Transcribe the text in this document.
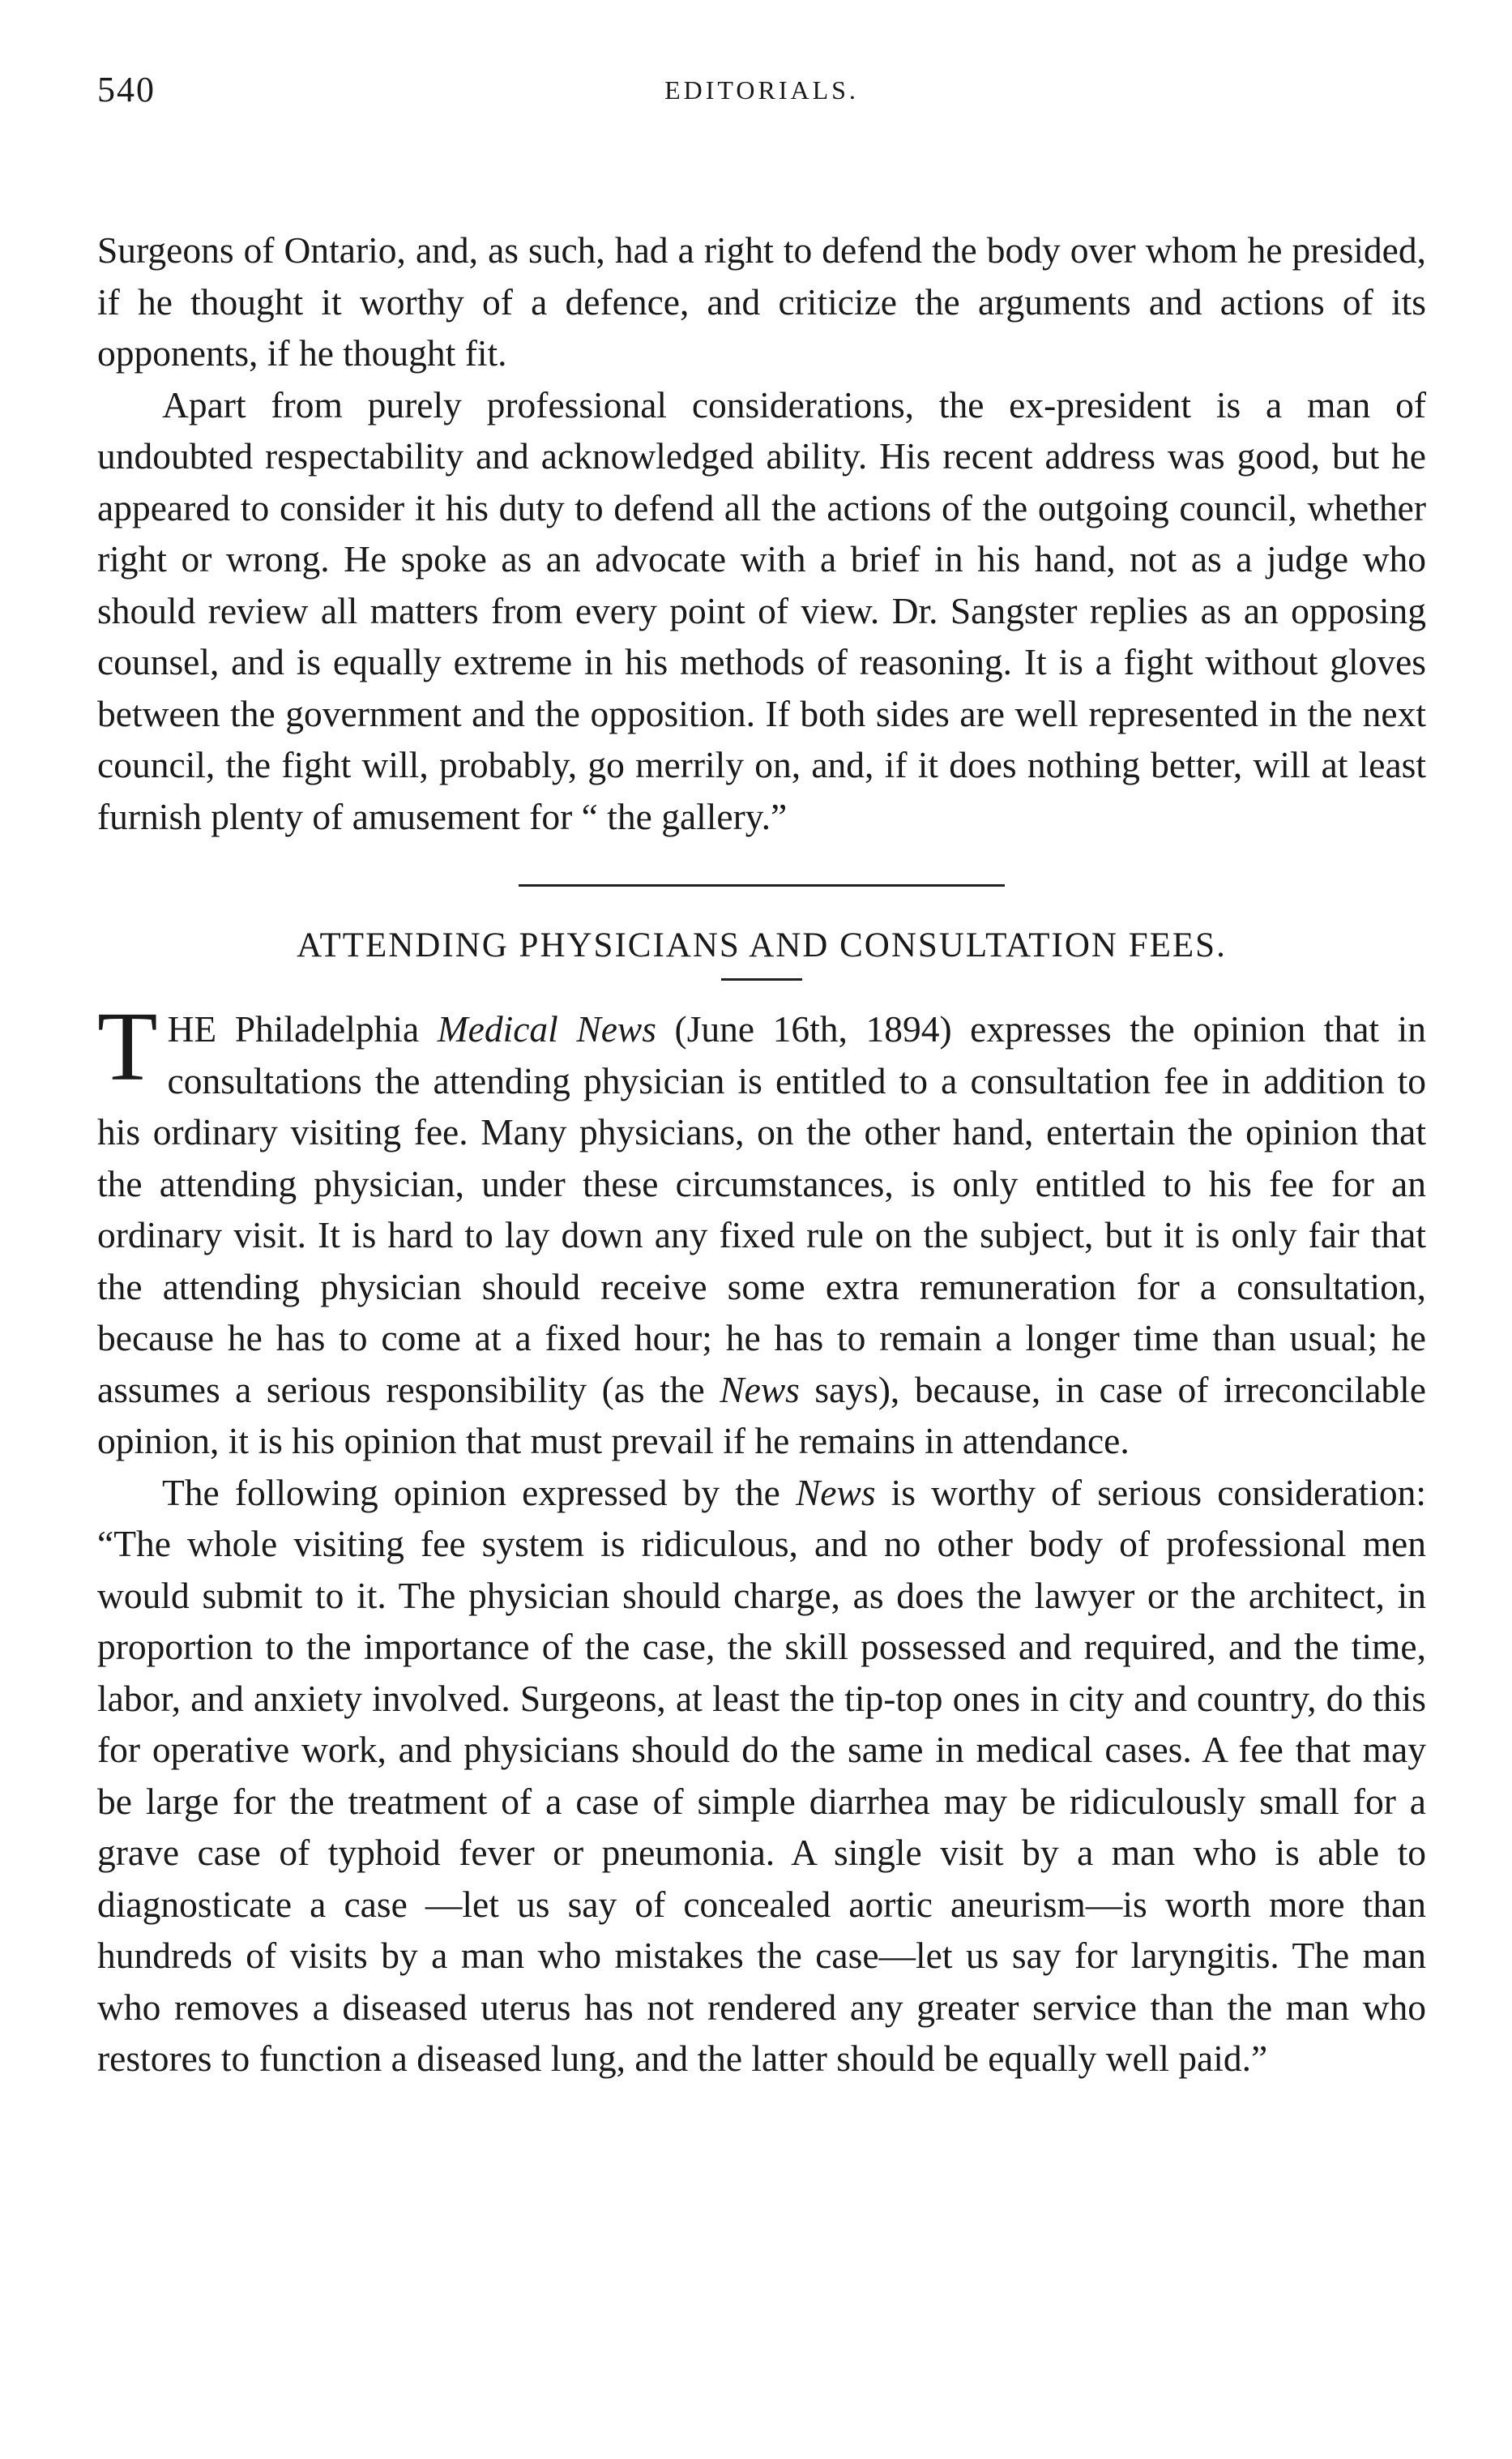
540	EDITORIALS.

Surgeons of Ontario, and, as such, had a right to defend the body over whom he presided, if he thought it worthy of a defence, and criticize the arguments and actions of its opponents, if he thought fit.

Apart from purely professional considerations, the ex-president is a man of undoubted respectability and acknowledged ability. His recent address was good, but he appeared to consider it his duty to defend all the actions of the outgoing council, whether right or wrong. He spoke as an advocate with a brief in his hand, not as a judge who should review all matters from every point of view. Dr. Sangster replies as an opposing counsel, and is equally extreme in his methods of reasoning. It is a fight without gloves between the government and the opposition. If both sides are well represented in the next council, the fight will, probably, go merrily on, and, if it does nothing better, will at least furnish plenty of amusement for “ the gallery.”

ATTENDING PHYSICIANS AND CONSULTATION FEES.

THE Philadelphia Medical News (June 16th, 1894) expresses the opinion that in consultations the attending physician is entitled to a consultation fee in addition to his ordinary visiting fee. Many physicians, on the other hand, entertain the opinion that the attending physician, under these circumstances, is only entitled to his fee for an ordinary visit. It is hard to lay down any fixed rule on the subject, but it is only fair that the attending physician should receive some extra remuneration for a consultation, because he has to come at a fixed hour; he has to remain a longer time than usual; he assumes a serious responsibility (as the News says), because, in case of irreconcilable opinion, it is his opinion that must prevail if he remains in attendance.

The following opinion expressed by the News is worthy of serious consideration: “The whole visiting fee system is ridiculous, and no other body of professional men would submit to it. The physician should charge, as does the lawyer or the architect, in proportion to the importance of the case, the skill possessed and required, and the time, labor, and anxiety involved. Surgeons, at least the tip-top ones in city and country, do this for operative work, and physicians should do the same in medical cases. A fee that may be large for the treatment of a case of simple diarrhea may be ridiculously small for a grave case of typhoid fever or pneumonia. A single visit by a man who is able to diagnosticate a case —let us say of concealed aortic aneurism—is worth more than hundreds of visits by a man who mistakes the case—let us say for laryngitis. The man who removes a diseased uterus has not rendered any greater service than the man who restores to function a diseased lung, and the latter should be equally well paid.”
